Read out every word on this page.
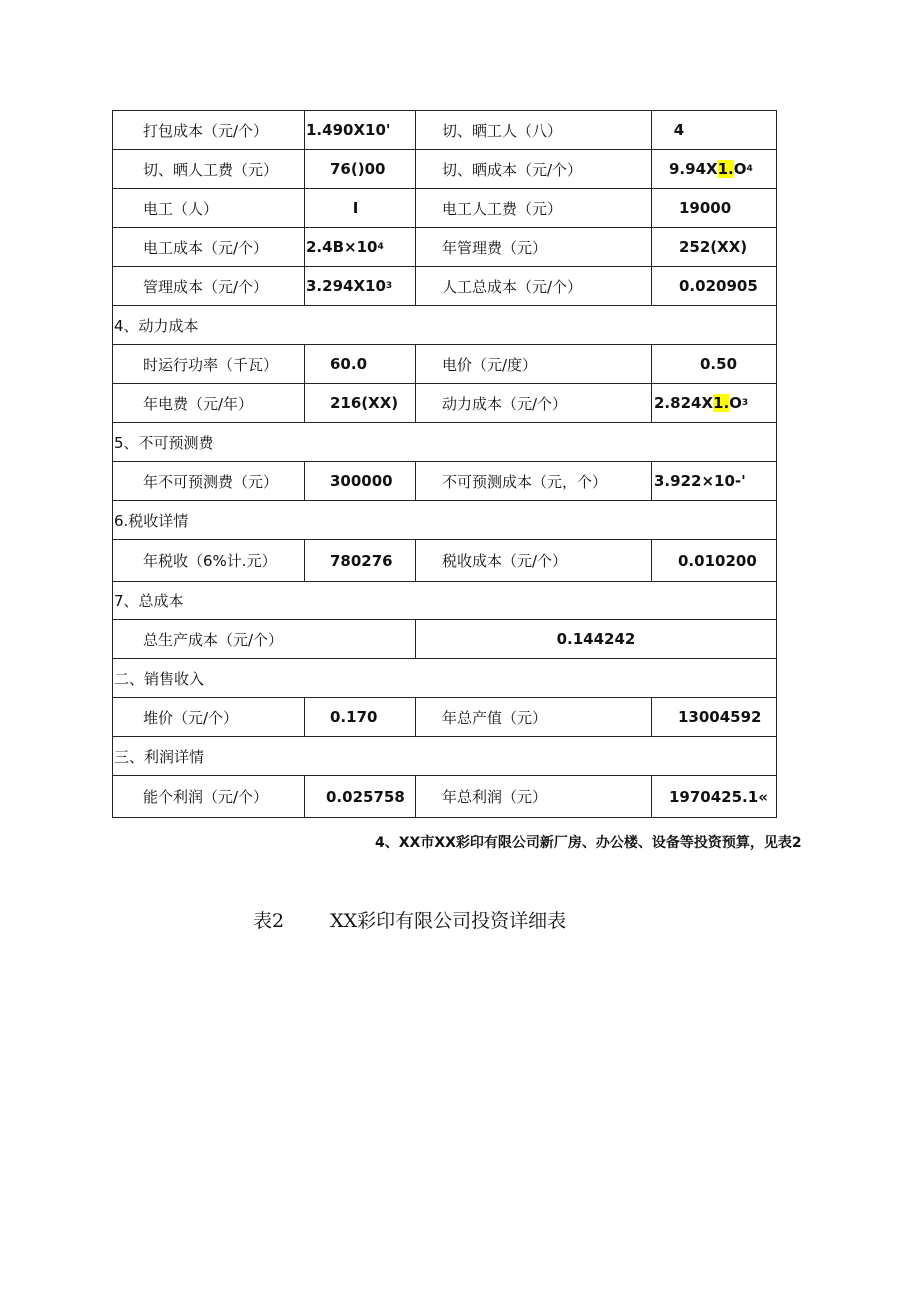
打包成本（元/个）	1.490X10'	切、晒工人（八）	4
切、晒人工费（元）	76()00	切、晒成本（元/个）	9.94X 1. O 4
电工（人）	I	电工人工费（元）	19000
电工成本（元/个）	2.4B×10 4	年管理费（元）	252(XX)
管理成本（元/个）	3.294X10 3	人工总成本（元/个）	0.020905
4、动力成本
时运行功率（千瓦）	60.0	电价（元/度）	0.50
年电费（元/年）	216(XX)	动力成本（元/个）	2.824X 1. O 3
5、不可预测费
年不可预测费（元）	300000	不可预测成本（元，个）	3.922×10-'
6.税收详情
年税收（6%计.元）	780276	税收成本（元/个）	0.010200
7、总成本
总生产成本（元/个）	0.144242
二、销售收入
堆价（元/个）	0.170	年总产值（元）	13004592
三、利润详情
能个利润（元/个）	0.025758	年总利润（元）	1970425.1«
4、XX市XX彩印有限公司新厂房、办公楼、设备等投资预算，见表2
表2 XX彩印有限公司投资详细表
